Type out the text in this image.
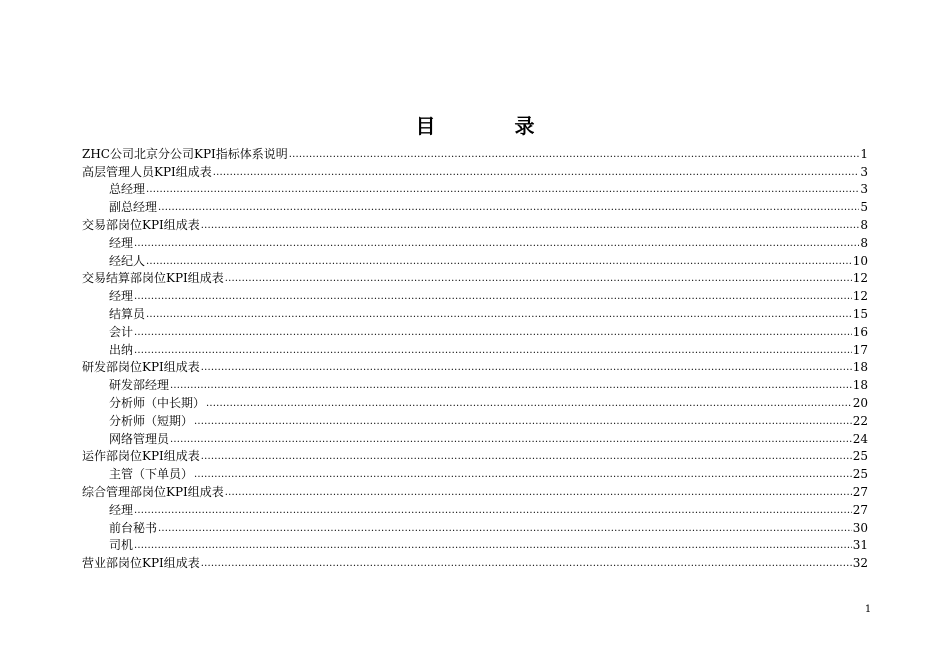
目 录
ZHC公司北京分公司KPI指标体系说明 .....	1
高层管理人员KPI组成表 .....	3
总经理 .....	3
副总经理 .....	5
交易部岗位KPI组成表 .....	8
经理 .....	8
经纪人 .....	10
交易结算部岗位KPI组成表 .....	12
经理 .....	12
结算员 .....	15
会计 .....	16
出纳 .....	17
研发部岗位KPI组成表 .....	18
研发部经理 .....	18
分析师（中长期） .....	20
分析师（短期） .....	22
网络管理员 .....	24
运作部岗位KPI组成表 .....	25
主管（下单员） .....	25
综合管理部岗位KPI组成表 .....	27
经理 .....	27
前台秘书 .....	30
司机 .....	31
营业部岗位KPI组成表 .....	32
1
